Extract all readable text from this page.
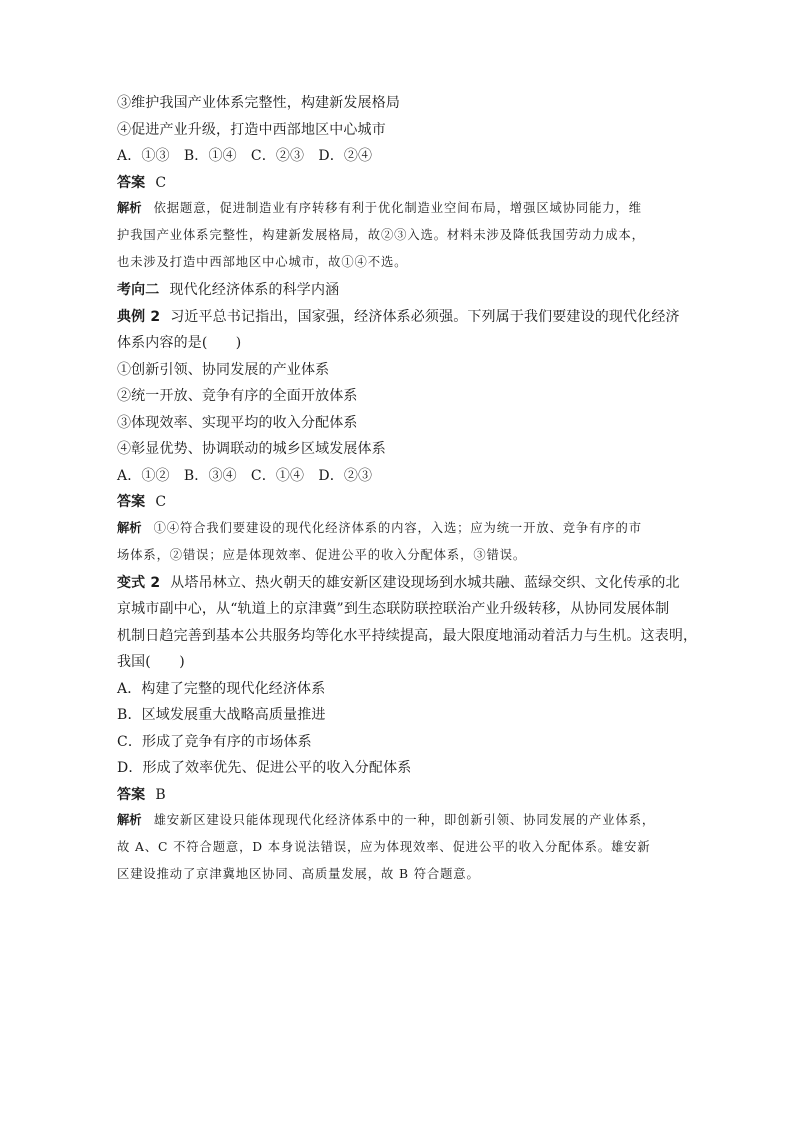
③维护我国产业体系完整性，构建新发展格局
④促进产业升级，打造中西部地区中心城市
A．①③　B．①④　C．②③　D．②④
答案 C
解析 依据题意，促进制造业有序转移有利于优化制造业空间布局，增强区域协同能力，维
护我国产业体系完整性，构建新发展格局，故②③入选。材料未涉及降低我国劳动力成本，
也未涉及打造中西部地区中心城市，故①④不选。
考向二 现代化经济体系的科学内涵
典例 2 习近平总书记指出，国家强，经济体系必须强。下列属于我们要建设的现代化经济
体系内容的是(　　)
①创新引领、协同发展的产业体系
②统一开放、竞争有序的全面开放体系
③体现效率、实现平均的收入分配体系
④彰显优势、协调联动的城乡区域发展体系
A．①②　B．③④　C．①④　D．②③
答案 C
解析 ①④符合我们要建设的现代化经济体系的内容，入选；应为统一开放、竞争有序的市
场体系，②错误；应是体现效率、促进公平的收入分配体系，③错误。
变式 2 从塔吊林立、热火朝天的雄安新区建设现场到水城共融、蓝绿交织、文化传承的北
京城市副中心，从“轨道上的京津冀”到生态联防联控联治产业升级转移，从协同发展体制
机制日趋完善到基本公共服务均等化水平持续提高，最大限度地涌动着活力与生机。这表明，
我国(　　)
A．构建了完整的现代化经济体系
B．区域发展重大战略高质量推进
C．形成了竞争有序的市场体系
D．形成了效率优先、促进公平的收入分配体系
答案 B
解析 雄安新区建设只能体现现代化经济体系中的一种，即创新引领、协同发展的产业体系，
故 A、C 不符合题意，D 本身说法错误，应为体现效率、促进公平的收入分配体系。雄安新
区建设推动了京津冀地区协同、高质量发展，故 B 符合题意。
